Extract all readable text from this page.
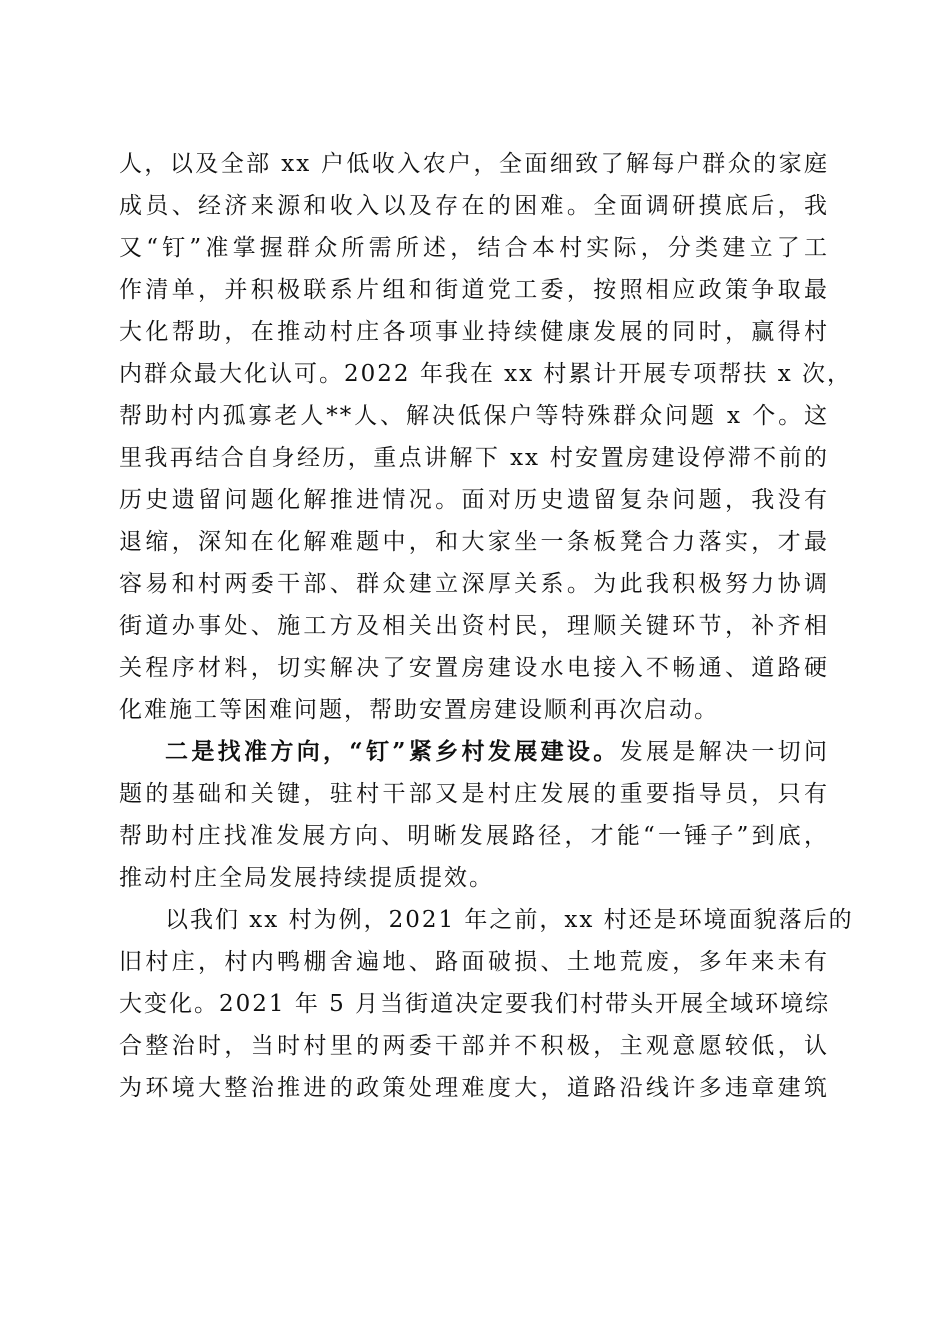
人，以及全部 xx 户低收入农户，全面细致了解每户群众的家庭
成员、经济来源和收入以及存在的困难。全面调研摸底后，我
又“钉”准掌握群众所需所述，结合本村实际，分类建立了工
作清单，并积极联系片组和街道党工委，按照相应政策争取最
大化帮助，在推动村庄各项事业持续健康发展的同时，赢得村
内群众最大化认可。2022 年我在 xx 村累计开展专项帮扶 x 次，
帮助村内孤寡老人**人、解决低保户等特殊群众问题 x 个。这
里我再结合自身经历，重点讲解下 xx 村安置房建设停滞不前的
历史遗留问题化解推进情况。面对历史遗留复杂问题，我没有
退缩，深知在化解难题中，和大家坐一条板凳合力落实，才最
容易和村两委干部、群众建立深厚关系。为此我积极努力协调
街道办事处、施工方及相关出资村民，理顺关键环节，补齐相
关程序材料，切实解决了安置房建设水电接入不畅通、道路硬
化难施工等困难问题，帮助安置房建设顺利再次启动。
二是找准方向，“钉”紧乡村发展建设。发展是解决一切问
题的基础和关键，驻村干部又是村庄发展的重要指导员，只有
帮助村庄找准发展方向、明晰发展路径，才能“一锤子”到底，
推动村庄全局发展持续提质提效。
以我们 xx 村为例，2021 年之前，xx 村还是环境面貌落后的
旧村庄，村内鸭棚舍遍地、路面破损、土地荒废，多年来未有
大变化。2021 年 5 月当街道决定要我们村带头开展全域环境综
合整治时，当时村里的两委干部并不积极，主观意愿较低，认
为环境大整治推进的政策处理难度大，道路沿线许多违章建筑
